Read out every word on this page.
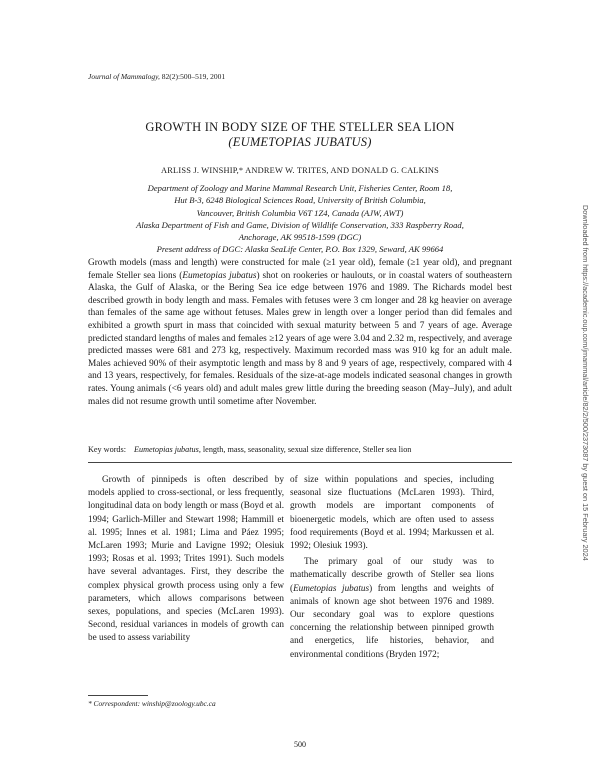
Journal of Mammalogy, 82(2):500–519, 2001
GROWTH IN BODY SIZE OF THE STELLER SEA LION
(EUMETOPIAS JUBATUS)
ARLISS J. WINSHIP,* ANDREW W. TRITES, AND DONALD G. CALKINS
Department of Zoology and Marine Mammal Research Unit, Fisheries Center, Room 18,
Hut B-3, 6248 Biological Sciences Road, University of British Columbia,
Vancouver, British Columbia V6T 1Z4, Canada (AJW, AWT)
Alaska Department of Fish and Game, Division of Wildlife Conservation, 333 Raspberry Road,
Anchorage, AK 99518-1599 (DGC)
Present address of DGC: Alaska SeaLife Center, P.O. Box 1329, Seward, AK 99664
Growth models (mass and length) were constructed for male (≥1 year old), female (≥1 year old), and pregnant female Steller sea lions (Eumetopias jubatus) shot on rookeries or haulouts, or in coastal waters of southeastern Alaska, the Gulf of Alaska, or the Bering Sea ice edge between 1976 and 1989. The Richards model best described growth in body length and mass. Females with fetuses were 3 cm longer and 28 kg heavier on average than females of the same age without fetuses. Males grew in length over a longer period than did females and exhibited a growth spurt in mass that coincided with sexual maturity between 5 and 7 years of age. Average predicted standard lengths of males and females ≥12 years of age were 3.04 and 2.32 m, respectively, and average predicted masses were 681 and 273 kg, respectively. Maximum recorded mass was 910 kg for an adult male. Males achieved 90% of their asymptotic length and mass by 8 and 9 years of age, respectively, compared with 4 and 13 years, respectively, for females. Residuals of the size-at-age models indicated seasonal changes in growth rates. Young animals (<6 years old) and adult males grew little during the breeding season (May–July), and adult males did not resume growth until sometime after November.
Key words: Eumetopias jubatus, length, mass, seasonality, sexual size difference, Steller sea lion

Growth of pinnipeds is often described by models applied to cross-sectional, or less frequently, longitudinal data on body length or mass (Boyd et al. 1994; Garlich-Miller and Stewart 1998; Hammill et al. 1995; Innes et al. 1981; Lima and Páez 1995; McLaren 1993; Murie and Lavigne 1992; Olesiuk 1993; Rosas et al. 1993; Trites 1991). Such models have several advantages. First, they describe the complex physical growth process using only a few parameters, which allows comparisons between sexes, populations, and species (McLaren 1993). Second, residual variances in models of growth can be used to assess variability

of size within populations and species, including seasonal size fluctuations (McLaren 1993). Third, growth models are important components of bioenergetic models, which are often used to assess food requirements (Boyd et al. 1994; Markussen et al. 1992; Olesiuk 1993).

The primary goal of our study was to mathematically describe growth of Steller sea lions (Eumetopias jubatus) from lengths and weights of animals of known age shot between 1976 and 1989. Our secondary goal was to explore questions concerning the relationship between pinniped growth and energetics, life histories, behavior, and environmental conditions (Bryden 1972;

* Correspondent: winship@zoology.ubc.ca
500
Downloaded from https://academic.oup.com/jmammal/article/82/2/500/2373087 by guest on 15 February 2024
